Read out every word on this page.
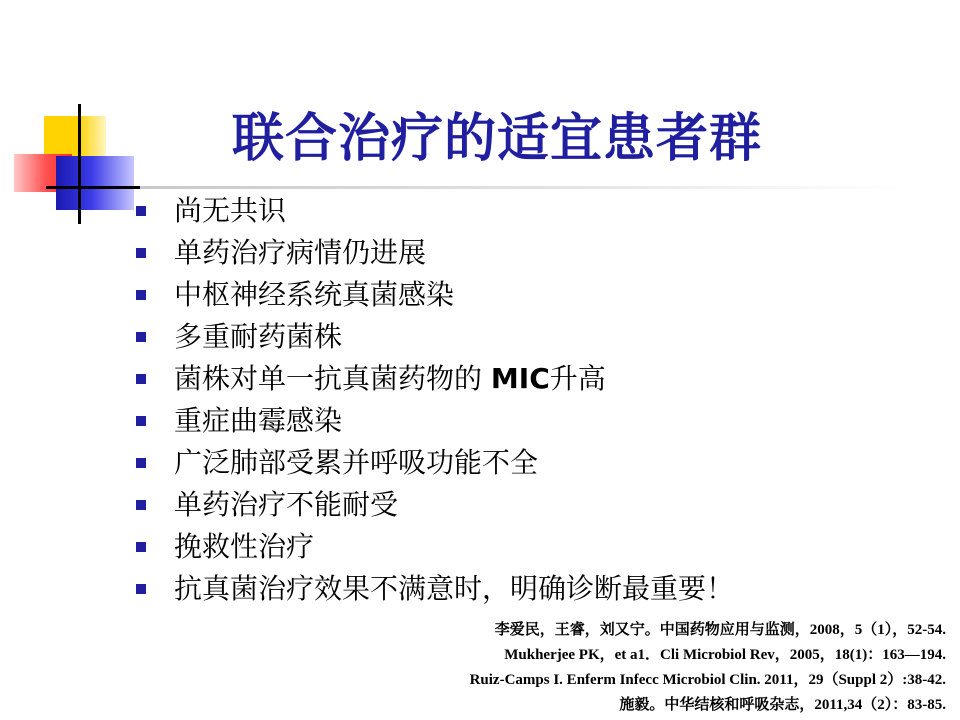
联合治疗的适宜患者群
尚无共识
单药治疗病情仍进展
中枢神经系统真菌感染
多重耐药菌株
菌株对单一抗真菌药物的 MIC升高
重症曲霉感染
广泛肺部受累并呼吸功能不全
单药治疗不能耐受
挽救性治疗
抗真菌治疗效果不满意时，明确诊断最重要！
李爱民，王睿，刘又宁。中国药物应用与监测，2008，5（1），52-54.
Mukherjee PK，et a1．Cli Microbiol Rev，2005，18(1)：163—194.
Ruiz-Camps I. Enferm Infecc Microbiol Clin. 2011，29（Suppl 2）:38-42.
施毅。中华结核和呼吸杂志，2011,34（2）：83-85.
